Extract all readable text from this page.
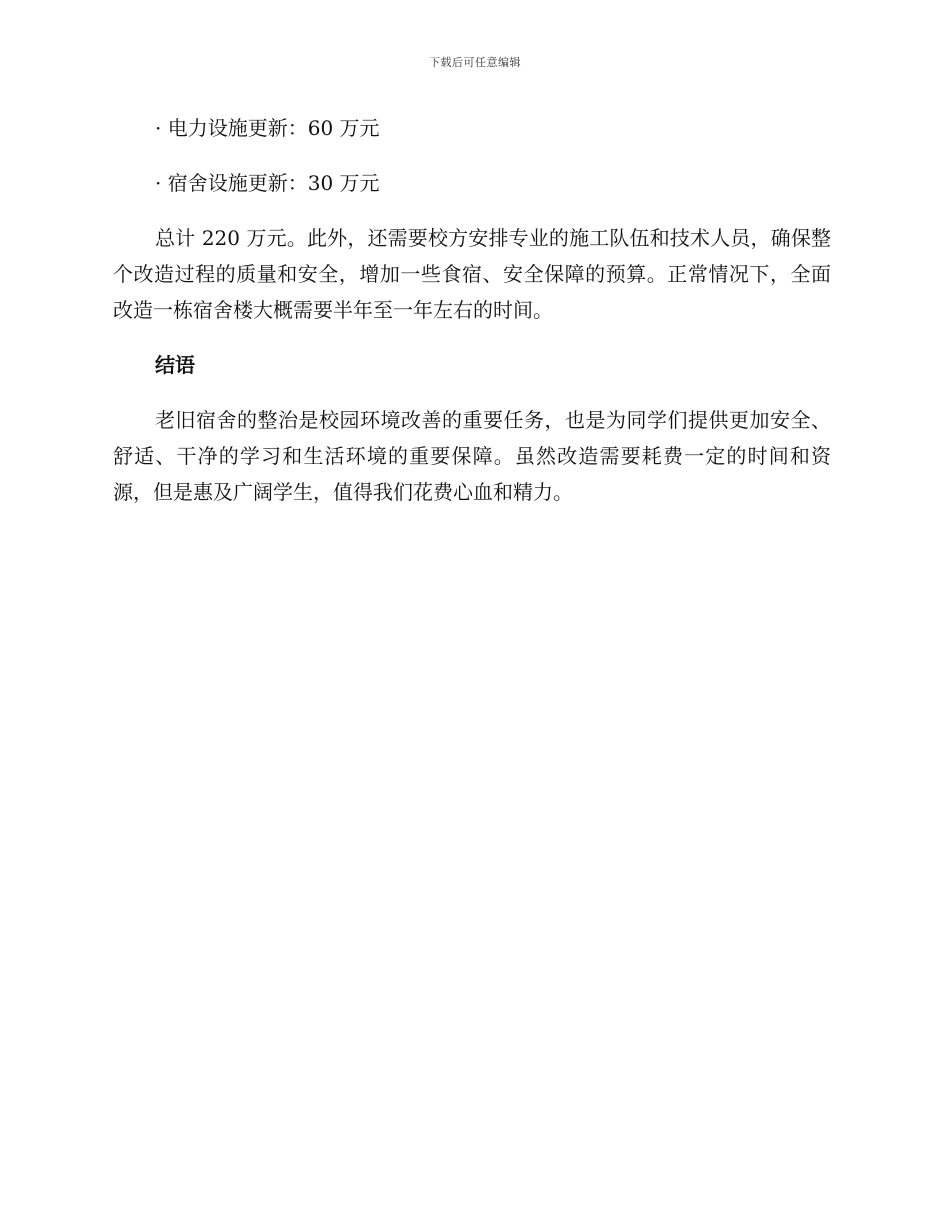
下载后可任意编辑

· 电力设施更新：60 万元

· 宿舍设施更新：30 万元

总计 220 万元。此外，还需要校方安排专业的施工队伍和技术人员，确保整个改造过程的质量和安全，增加一些食宿、安全保障的预算。正常情况下，全面改造一栋宿舍楼大概需要半年至一年左右的时间。

结语

老旧宿舍的整治是校园环境改善的重要任务，也是为同学们提供更加安全、舒适、干净的学习和生活环境的重要保障。虽然改造需要耗费一定的时间和资源，但是惠及广阔学生，值得我们花费心血和精力。
